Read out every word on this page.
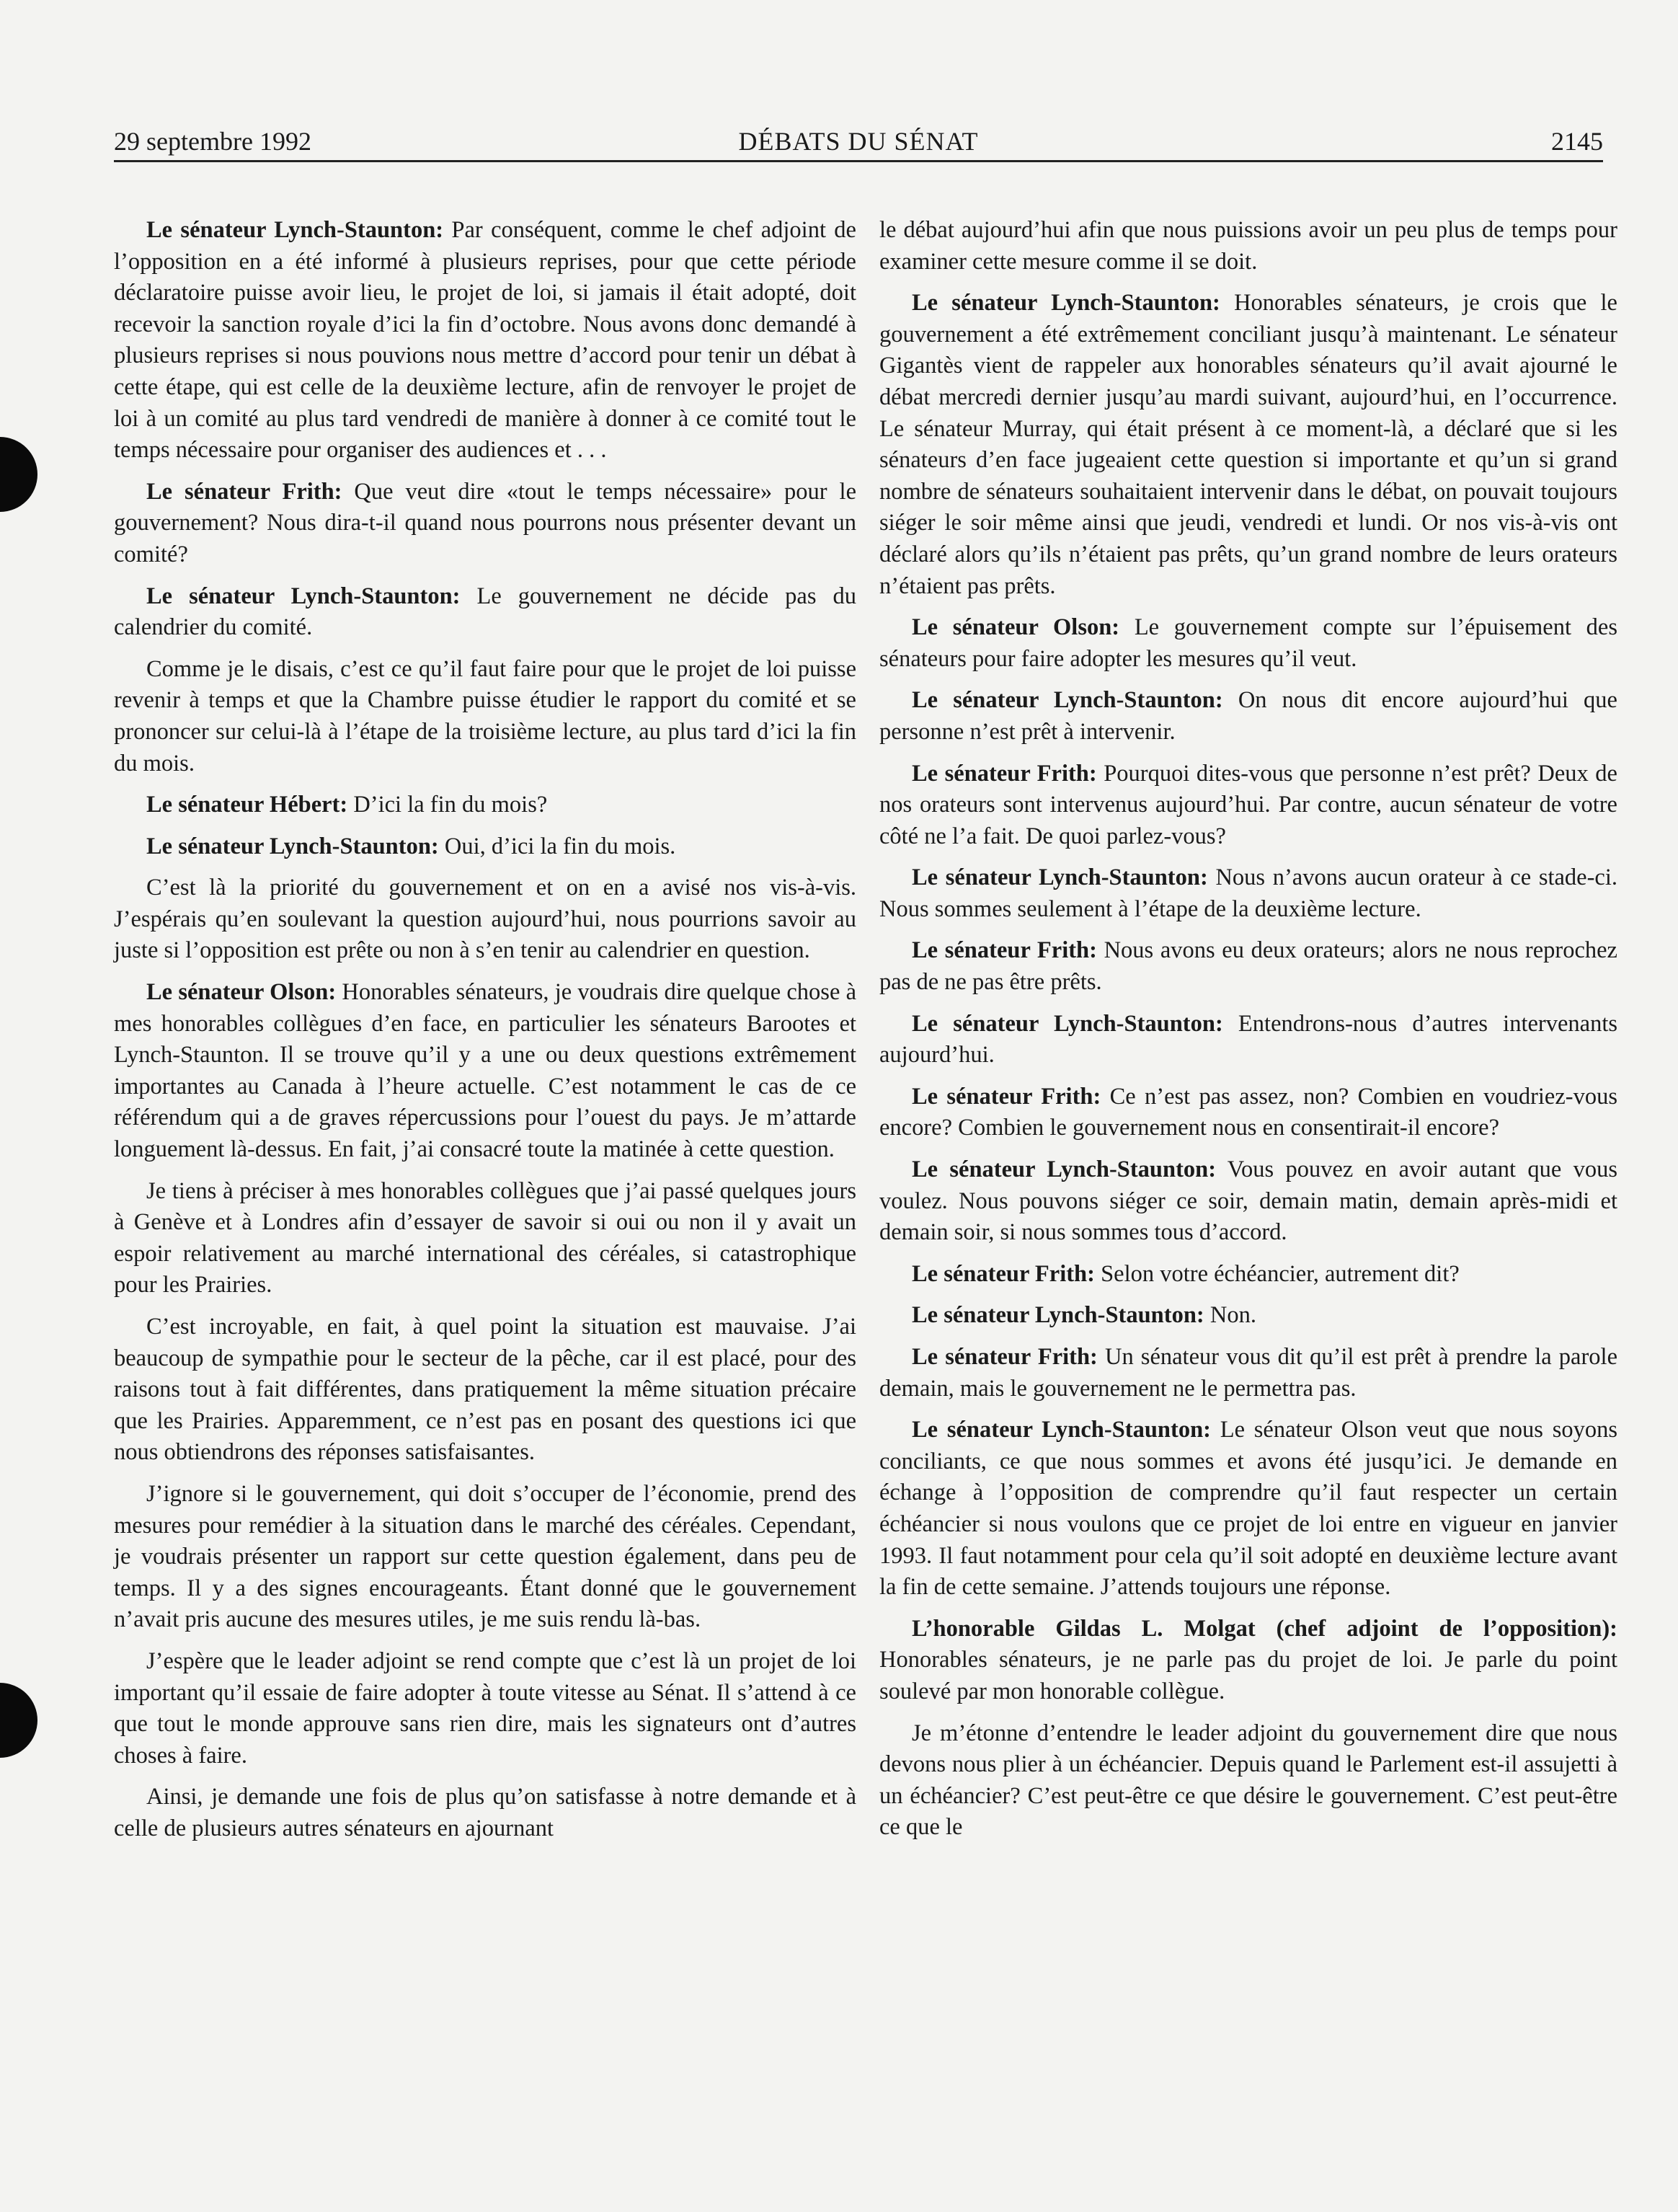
29 septembre 1992	DÉBATS DU SÉNAT	2145

Le sénateur Lynch-Staunton: Par conséquent, comme le chef adjoint de l’opposition en a été informé à plusieurs reprises, pour que cette période déclaratoire puisse avoir lieu, le projet de loi, si jamais il était adopté, doit recevoir la sanction royale d’ici la fin d’octobre. Nous avons donc demandé à plusieurs reprises si nous pouvions nous mettre d’accord pour tenir un débat à cette étape, qui est celle de la deuxième lecture, afin de renvoyer le projet de loi à un comité au plus tard vendredi de manière à donner à ce comité tout le temps nécessaire pour organiser des audiences et . . .

Le sénateur Frith: Que veut dire «tout le temps nécessaire» pour le gouvernement? Nous dira-t-il quand nous pourrons nous présenter devant un comité?

Le sénateur Lynch-Staunton: Le gouvernement ne décide pas du calendrier du comité.

Comme je le disais, c’est ce qu’il faut faire pour que le projet de loi puisse revenir à temps et que la Chambre puisse étudier le rapport du comité et se prononcer sur celui-là à l’étape de la troisième lecture, au plus tard d’ici la fin du mois.

Le sénateur Hébert: D’ici la fin du mois?

Le sénateur Lynch-Staunton: Oui, d’ici la fin du mois.

C’est là la priorité du gouvernement et on en a avisé nos vis-à-vis. J’espérais qu’en soulevant la question aujourd’hui, nous pourrions savoir au juste si l’opposition est prête ou non à s’en tenir au calendrier en question.

Le sénateur Olson: Honorables sénateurs, je voudrais dire quelque chose à mes honorables collègues d’en face, en particulier les sénateurs Barootes et Lynch-Staunton. Il se trouve qu’il y a une ou deux questions extrêmement importantes au Canada à l’heure actuelle. C’est notamment le cas de ce référendum qui a de graves répercussions pour l’ouest du pays. Je m’attarde longuement là-dessus. En fait, j’ai consacré toute la matinée à cette question.

Je tiens à préciser à mes honorables collègues que j’ai passé quelques jours à Genève et à Londres afin d’essayer de savoir si oui ou non il y avait un espoir relativement au marché international des céréales, si catastrophique pour les Prairies.

C’est incroyable, en fait, à quel point la situation est mauvaise. J’ai beaucoup de sympathie pour le secteur de la pêche, car il est placé, pour des raisons tout à fait différentes, dans pratiquement la même situation précaire que les Prairies. Apparemment, ce n’est pas en posant des questions ici que nous obtiendrons des réponses satisfaisantes.

J’ignore si le gouvernement, qui doit s’occuper de l’économie, prend des mesures pour remédier à la situation dans le marché des céréales. Cependant, je voudrais présenter un rapport sur cette question également, dans peu de temps. Il y a des signes encourageants. Étant donné que le gouvernement n’avait pris aucune des mesures utiles, je me suis rendu là-bas.

J’espère que le leader adjoint se rend compte que c’est là un projet de loi important qu’il essaie de faire adopter à toute vitesse au Sénat. Il s’attend à ce que tout le monde approuve sans rien dire, mais les signateurs ont d’autres choses à faire.

Ainsi, je demande une fois de plus qu’on satisfasse à notre demande et à celle de plusieurs autres sénateurs en ajournant

le débat aujourd’hui afin que nous puissions avoir un peu plus de temps pour examiner cette mesure comme il se doit.

Le sénateur Lynch-Staunton: Honorables sénateurs, je crois que le gouvernement a été extrêmement conciliant jusqu’à maintenant. Le sénateur Gigantès vient de rappeler aux honorables sénateurs qu’il avait ajourné le débat mercredi dernier jusqu’au mardi suivant, aujourd’hui, en l’occurrence. Le sénateur Murray, qui était présent à ce moment-là, a déclaré que si les sénateurs d’en face jugeaient cette question si importante et qu’un si grand nombre de sénateurs souhaitaient intervenir dans le débat, on pouvait toujours siéger le soir même ainsi que jeudi, vendredi et lundi. Or nos vis-à-vis ont déclaré alors qu’ils n’étaient pas prêts, qu’un grand nombre de leurs orateurs n’étaient pas prêts.

Le sénateur Olson: Le gouvernement compte sur l’épuisement des sénateurs pour faire adopter les mesures qu’il veut.

Le sénateur Lynch-Staunton: On nous dit encore aujourd’hui que personne n’est prêt à intervenir.

Le sénateur Frith: Pourquoi dites-vous que personne n’est prêt? Deux de nos orateurs sont intervenus aujourd’hui. Par contre, aucun sénateur de votre côté ne l’a fait. De quoi parlez-vous?

Le sénateur Lynch-Staunton: Nous n’avons aucun orateur à ce stade-ci. Nous sommes seulement à l’étape de la deuxième lecture.

Le sénateur Frith: Nous avons eu deux orateurs; alors ne nous reprochez pas de ne pas être prêts.

Le sénateur Lynch-Staunton: Entendrons-nous d’autres intervenants aujourd’hui.

Le sénateur Frith: Ce n’est pas assez, non? Combien en voudriez-vous encore? Combien le gouvernement nous en consentirait-il encore?

Le sénateur Lynch-Staunton: Vous pouvez en avoir autant que vous voulez. Nous pouvons siéger ce soir, demain matin, demain après-midi et demain soir, si nous sommes tous d’accord.

Le sénateur Frith: Selon votre échéancier, autrement dit?

Le sénateur Lynch-Staunton: Non.

Le sénateur Frith: Un sénateur vous dit qu’il est prêt à prendre la parole demain, mais le gouvernement ne le permettra pas.

Le sénateur Lynch-Staunton: Le sénateur Olson veut que nous soyons conciliants, ce que nous sommes et avons été jusqu’ici. Je demande en échange à l’opposition de comprendre qu’il faut respecter un certain échéancier si nous voulons que ce projet de loi entre en vigueur en janvier 1993. Il faut notamment pour cela qu’il soit adopté en deuxième lecture avant la fin de cette semaine. J’attends toujours une réponse.

L’honorable Gildas L. Molgat (chef adjoint de l’opposition): Honorables sénateurs, je ne parle pas du projet de loi. Je parle du point soulevé par mon honorable collègue.

Je m’étonne d’entendre le leader adjoint du gouvernement dire que nous devons nous plier à un échéancier. Depuis quand le Parlement est-il assujetti à un échéancier? C’est peut-être ce que désire le gouvernement. C’est peut-être ce que le
